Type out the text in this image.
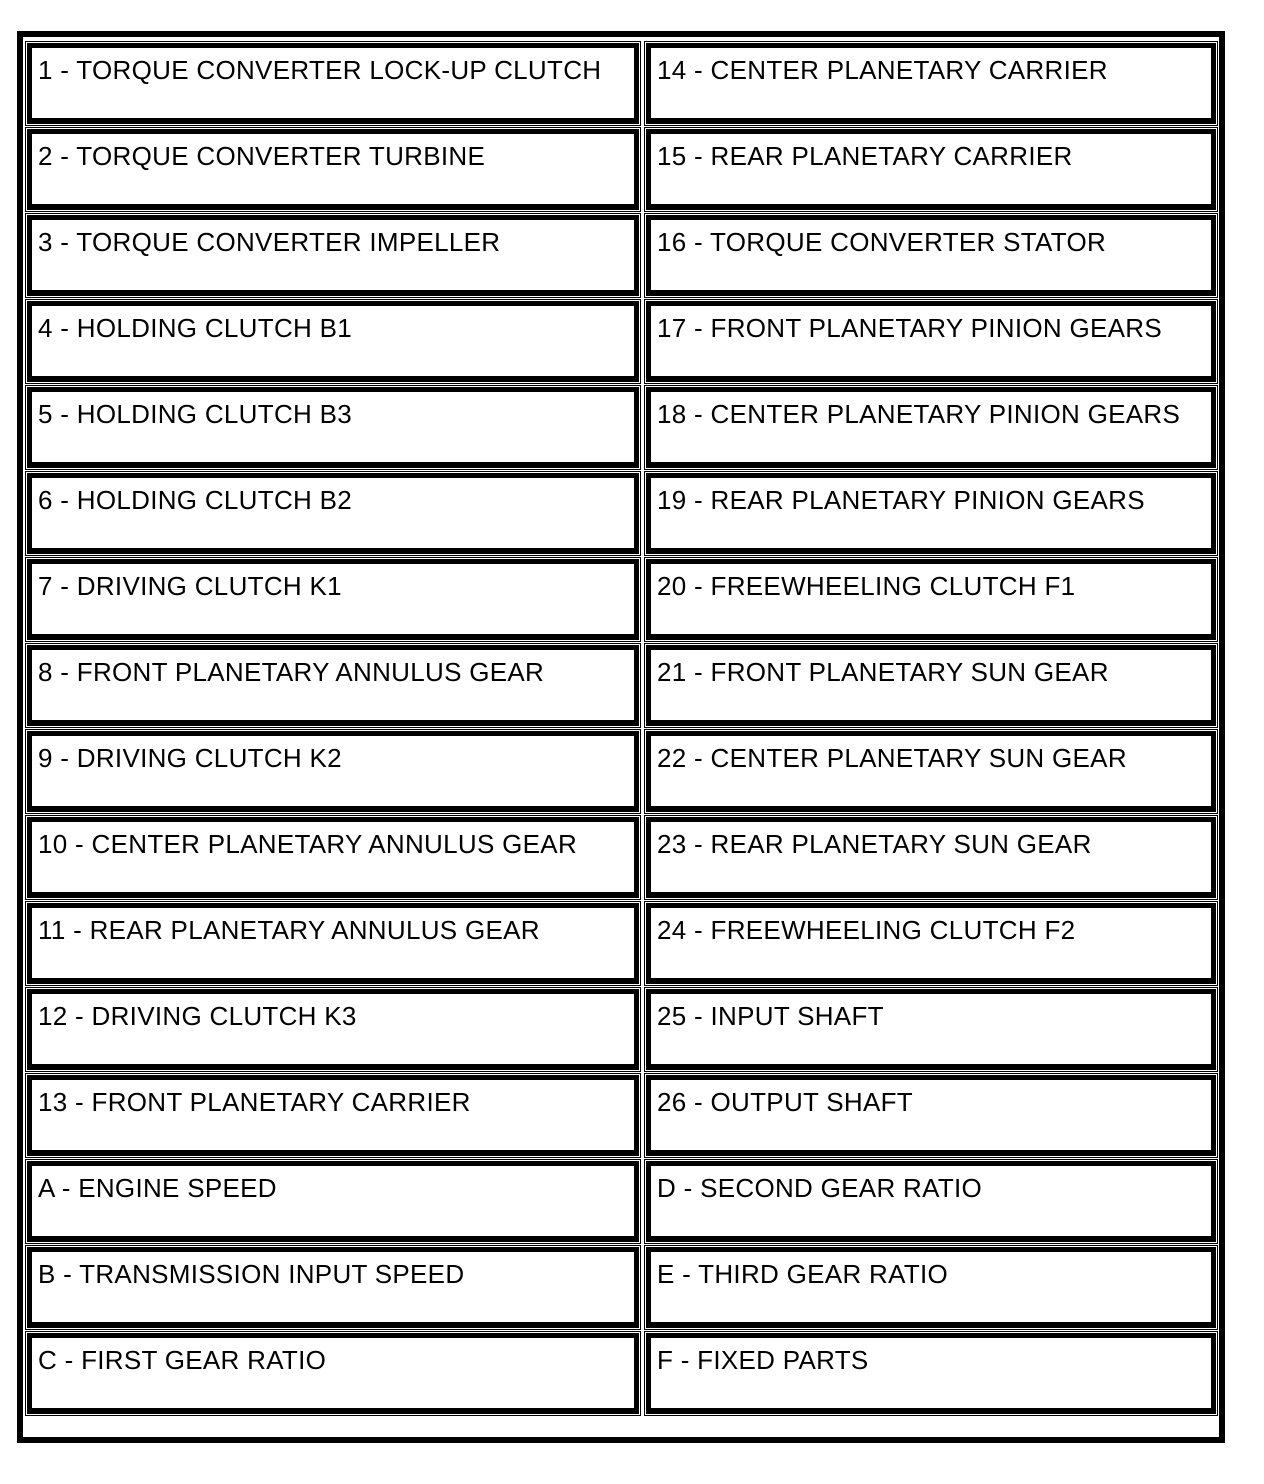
1 - TORQUE CONVERTER LOCK-UP CLUTCH 14 - CENTER PLANETARY CARRIER
2 - TORQUE CONVERTER TURBINE	15 - REAR PLANETARY CARRIER
3 - TORQUE CONVERTER IMPELLER	16 - TORQUE CONVERTER STATOR
4 - HOLDING CLUTCH B1	17 - FRONT PLANETARY PINION GEARS
5 - HOLDING CLUTCH B3	18 - CENTER PLANETARY PINION GEARS
6 - HOLDING CLUTCH B2	19 - REAR PLANETARY PINION GEARS
7 - DRIVING CLUTCH K1	20 - FREEWHEELING CLUTCH F1
8 - FRONT PLANETARY ANNULUS GEAR	21 - FRONT PLANETARY SUN GEAR
9 - DRIVING CLUTCH K2	22 - CENTER PLANETARY SUN GEAR
10 - CENTER PLANETARY ANNULUS GEAR	23 - REAR PLANETARY SUN GEAR
11 - REAR PLANETARY ANNULUS GEAR	24 - FREEWHEELING CLUTCH F2
12 - DRIVING CLUTCH K3	25 - INPUT SHAFT
13 - FRONT PLANETARY CARRIER	26 - OUTPUT SHAFT
A - ENGINE SPEED	D - SECOND GEAR RATIO
B - TRANSMISSION INPUT SPEED	E - THIRD GEAR RATIO
C - FIRST GEAR RATIO	F - FIXED PARTS
